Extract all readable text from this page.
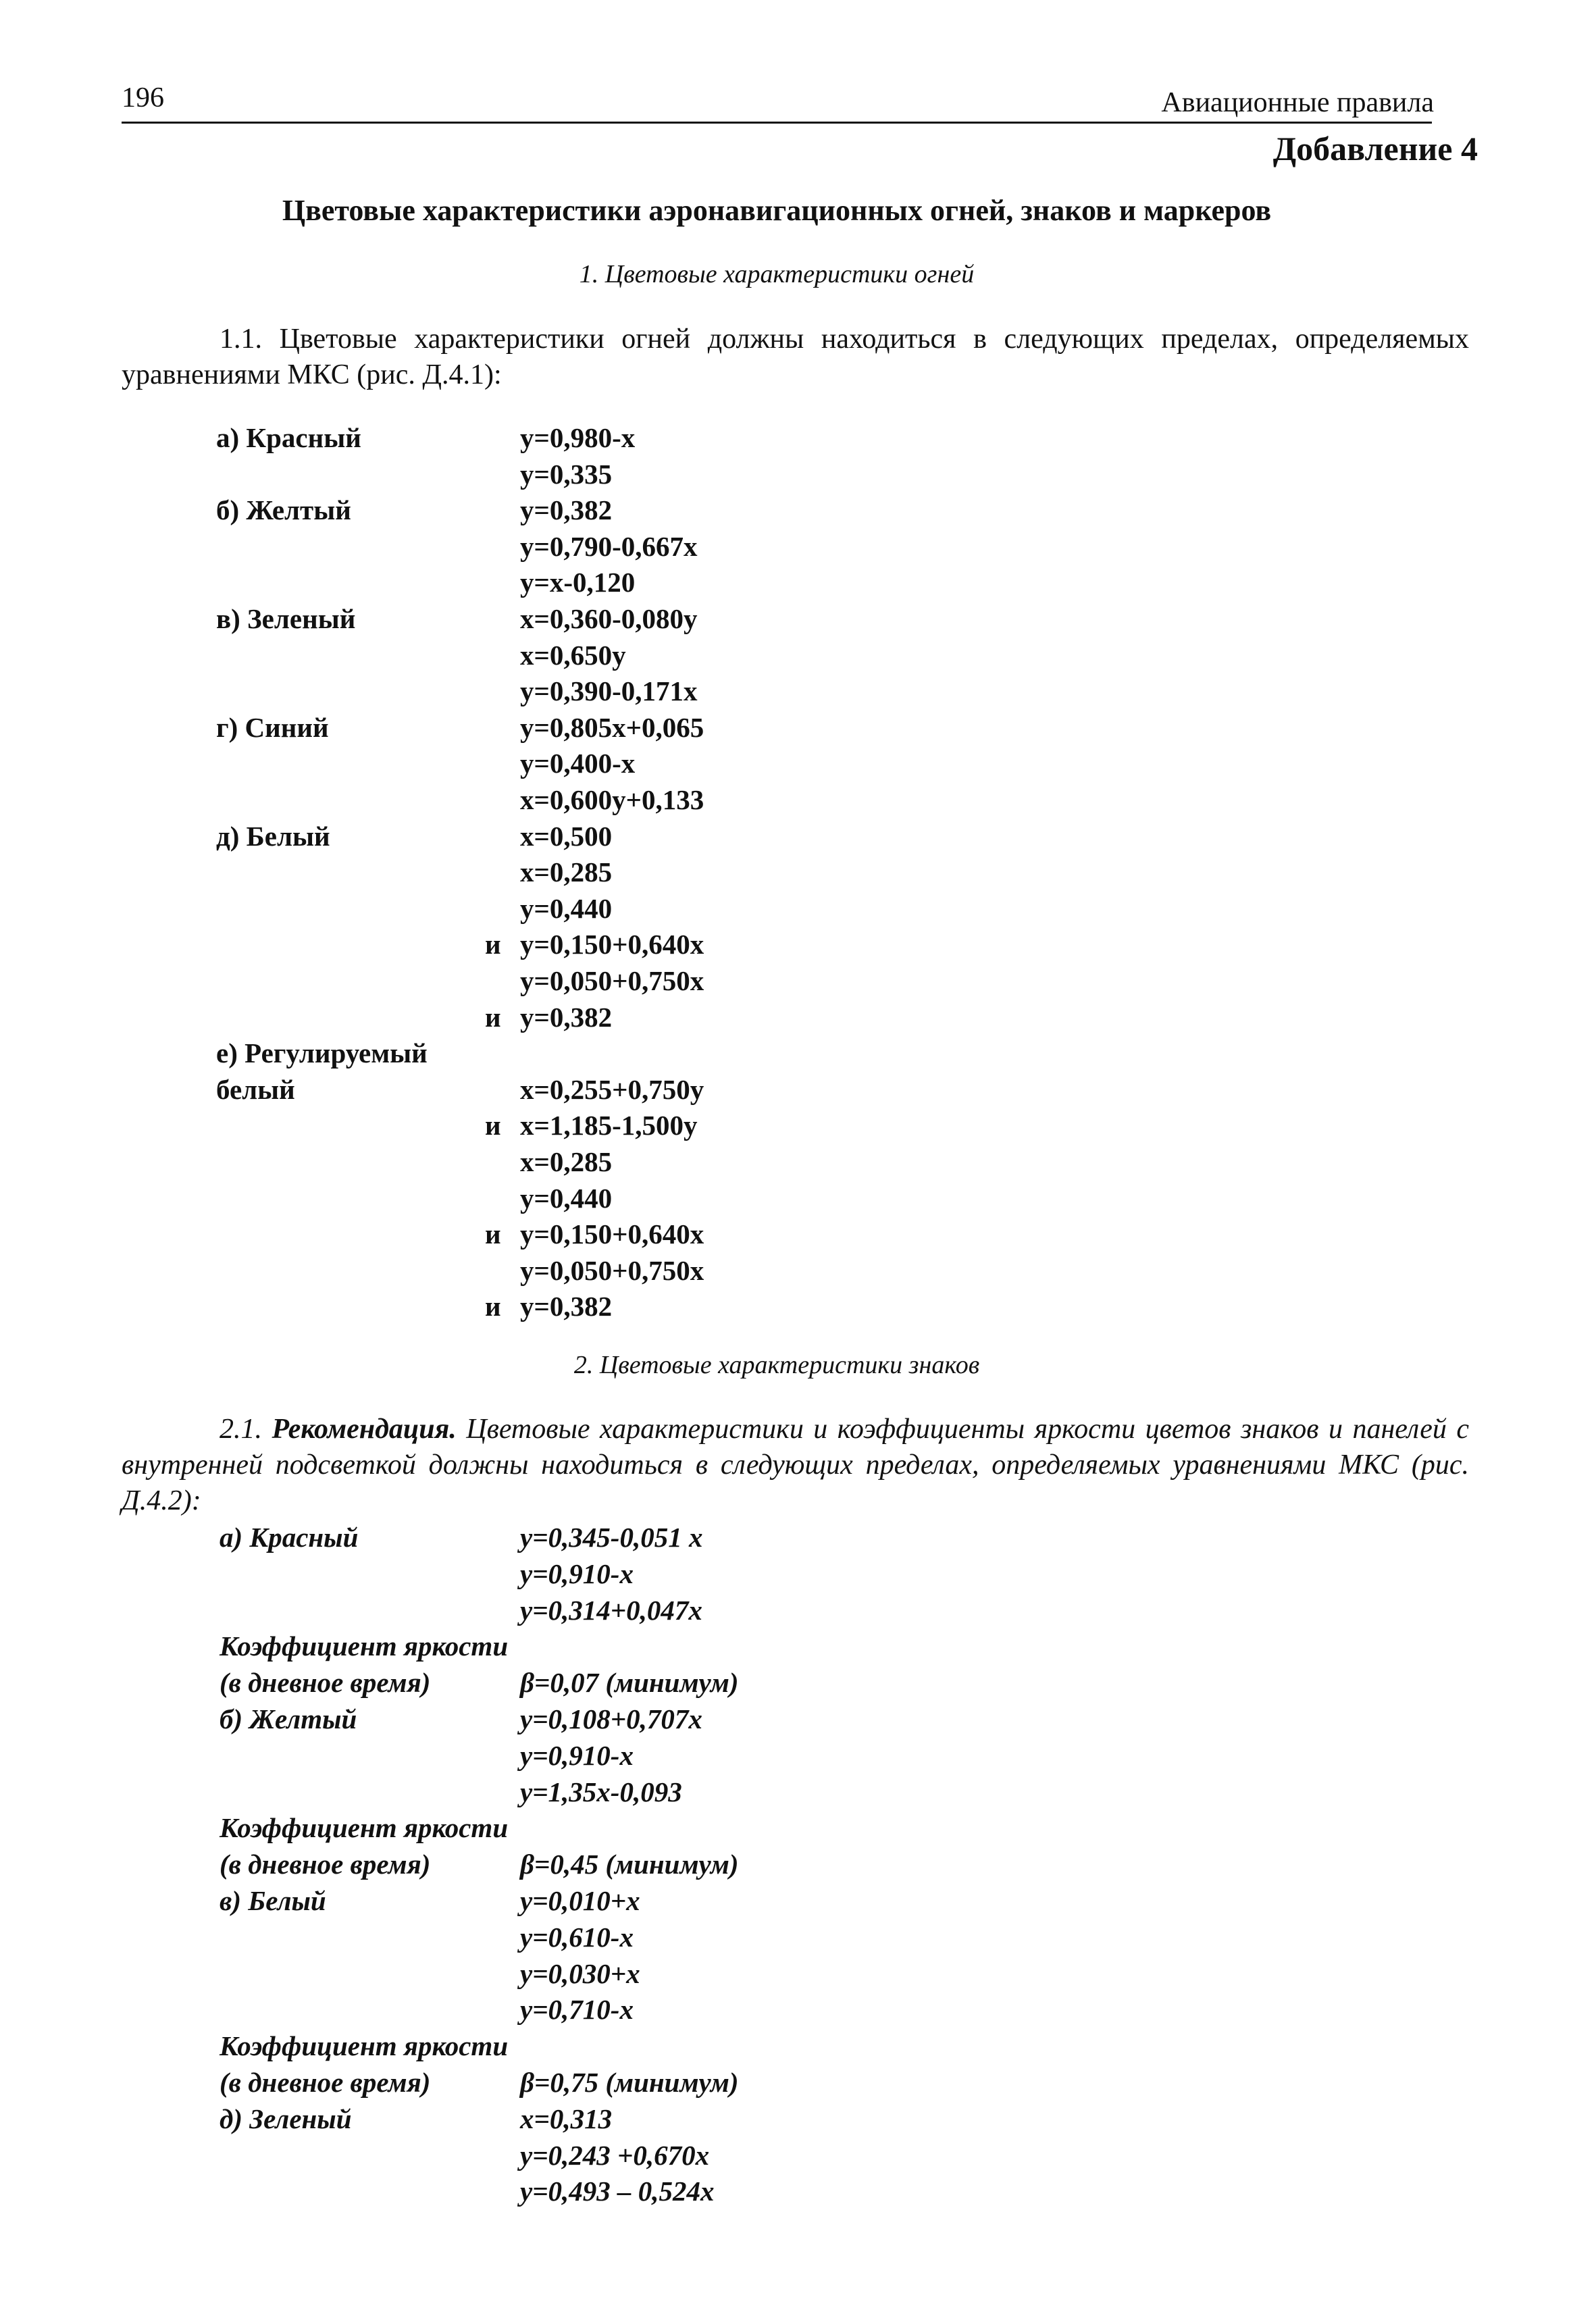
196	Авиационные правила
Добавление 4
Цветовые характеристики аэронавигационных огней, знаков и маркеров
1. Цветовые характеристики огней
1.1. Цветовые характеристики огней должны находиться в следующих пределах, определяемых уравнениями МКС (рис. Д.4.1):
а) Красный	y=0,980-x
y=0,335
б) Желтый	y=0,382
y=0,790-0,667x
y=x-0,120
в) Зеленый	x=0,360-0,080y
x=0,650y
y=0,390-0,171x
г) Синий	y=0,805x+0,065
y=0,400-x
x=0,600y+0,133
д) Белый	x=0,500
x=0,285
y=0,440
и y=0,150+0,640x
y=0,050+0,750x
и y=0,382
е) Регулируемый
белый	x=0,255+0,750y
и x=1,185-1,500y
x=0,285
y=0,440
и y=0,150+0,640x
y=0,050+0,750x
и y=0,382
2. Цветовые характеристики знаков
2.1. Рекомендация. Цветовые характеристики и коэффициенты яркости цветов знаков и панелей с внутренней подсветкой должны находиться в следующих пределах, определяемых уравнениями МКС (рис. Д.4.2):
а) Красный	y=0,345-0,051 x
y=0,910-x
y=0,314+0,047x
Коэффициент яркости
(в дневное время)	β=0,07 (минимум)
б) Желтый	y=0,108+0,707x
y=0,910-x
y=1,35x-0,093
Коэффициент яркости
(в дневное время)	β=0,45 (минимум)
в) Белый	y=0,010+x
y=0,610-x
y=0,030+x
y=0,710-x
Коэффициент яркости
(в дневное время)	β=0,75 (минимум)
д) Зеленый	x=0,313
y=0,243 +0,670x
y=0,493 – 0,524x
